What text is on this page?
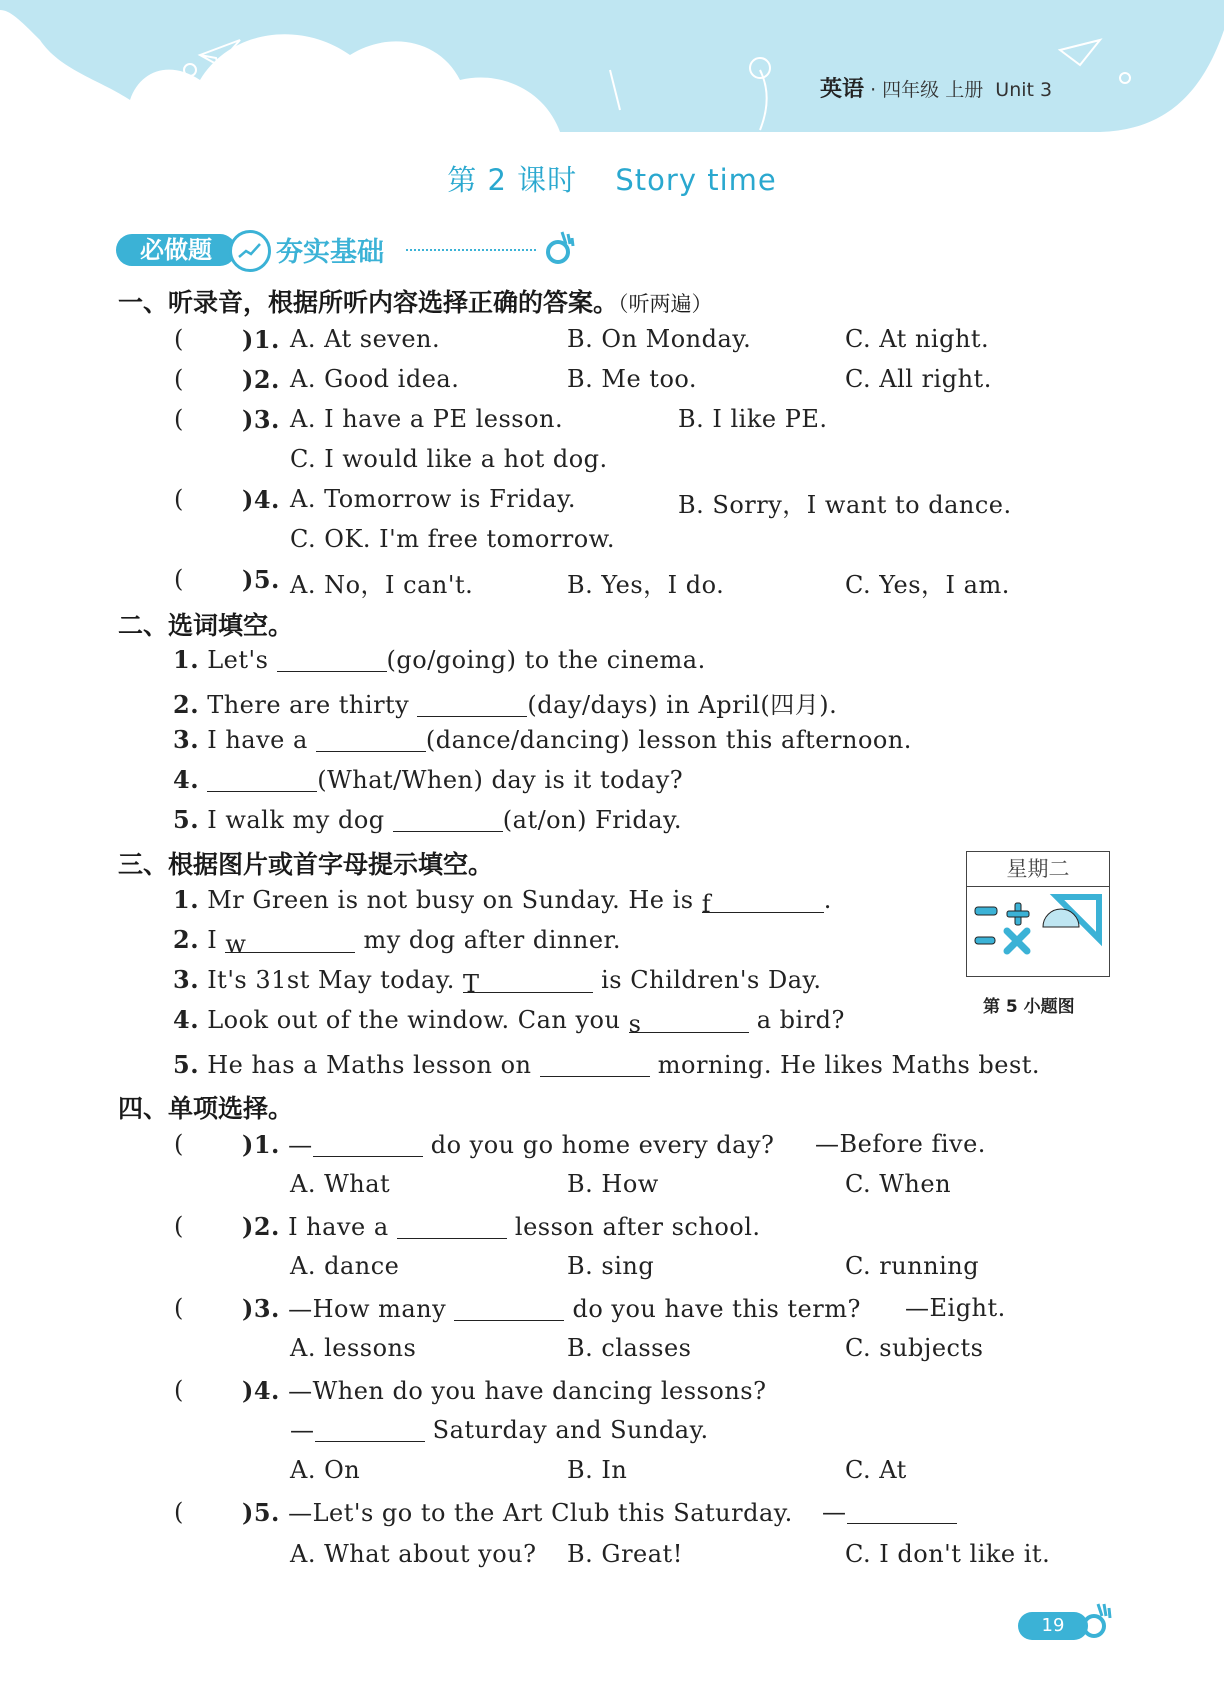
英语 · 四年级 上册 Unit 3
第 2 课时 Story time
必做题	夯实基础
一、听录音，根据所听内容选择正确的答案。（听两遍）
( )1. A. At seven.	B. On Monday.	C. At night.
( )2. A. Good idea.	B. Me too.	C. All right.
( )3. A. I have a PE lesson.	B. I like PE.
C. I would like a hot dog.
( )4. A. Tomorrow is Friday.	B. Sorry，I want to dance.
C. OK. I'm free tomorrow.
( )5. A. No，I can't.	B. Yes，I do.	C. Yes，I am.
二、选词填空。
1. Let's	(go/going) to the cinema.
2. There are thirty	(day/days) in April(四月).
3. I have a	(dance/dancing) lesson this afternoon.
4.	(What/When) day is it today?
5. I walk my dog	(at/on) Friday.
三、根据图片或首字母提示填空。	星期二
第 5 小题图
1. Mr Green is not busy on Sunday. He is f	.
2. I w	my dog after dinner.
3. It's 31st May today. T	is Children's Day.
4. Look out of the window. Can you s	a bird?
5. He has a Maths lesson on	morning. He likes Maths best.
四、单项选择。
( )1. —	do you go home every day? —Before five.
A. What	B. How	C. When
( )2. I have a	lesson after school.
A. dance	B. sing	C. running
( )3. —How many	do you have this term? —Eight.
A. lessons	B. classes	C. subjects
( )4. —When do you have dancing lessons?
—	Saturday and Sunday.
A. On	B. In	C. At
( )5. —Let's go to the Art Club this Saturday. —
A. What about you? B. Great!	C. I don't like it.
19
